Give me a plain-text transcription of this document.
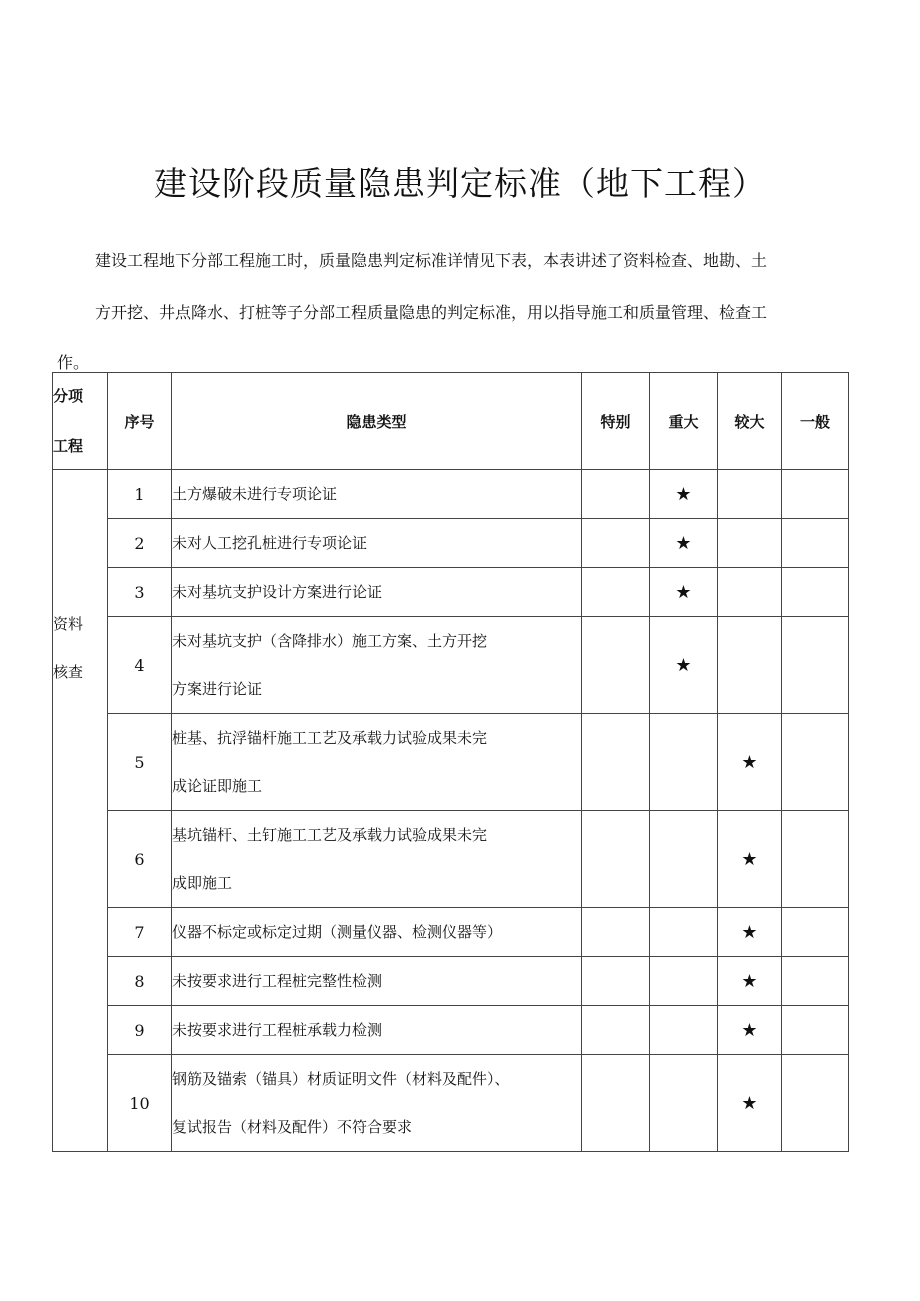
建设阶段质量隐患判定标准（地下工程）
建设工程地下分部工程施工时，质量隐患判定标准详情见下表，本表讲述了资料检查、地勘、土
方开挖、井点降水、打桩等子分部工程质量隐患的判定标准，用以指导施工和质量管理、检查工
作。
分项
工程	序号	隐患类型	特别	重大	较大	一般

资料
核查	1	土方爆破未进行专项论证		★		
	2	未对人工挖孔桩进行专项论证		★		
	3	未对基坑支护设计方案进行论证		★		
	4	未对基坑支护（含降排水）施工方案、土方开挖
方案进行论证		★		
	5	桩基、抗浮锚杆施工工艺及承载力试验成果未完
成论证即施工			★	
	6	基坑锚杆、土钉施工工艺及承载力试验成果未完
成即施工			★	
	7	仪器不标定或标定过期（测量仪器、检测仪器等）			★	
	8	未按要求进行工程桩完整性检测			★	
	9	未按要求进行工程桩承载力检测			★	
	10	钢筋及锚索（锚具）材质证明文件（材料及配件）、
复试报告（材料及配件）不符合要求			★	
